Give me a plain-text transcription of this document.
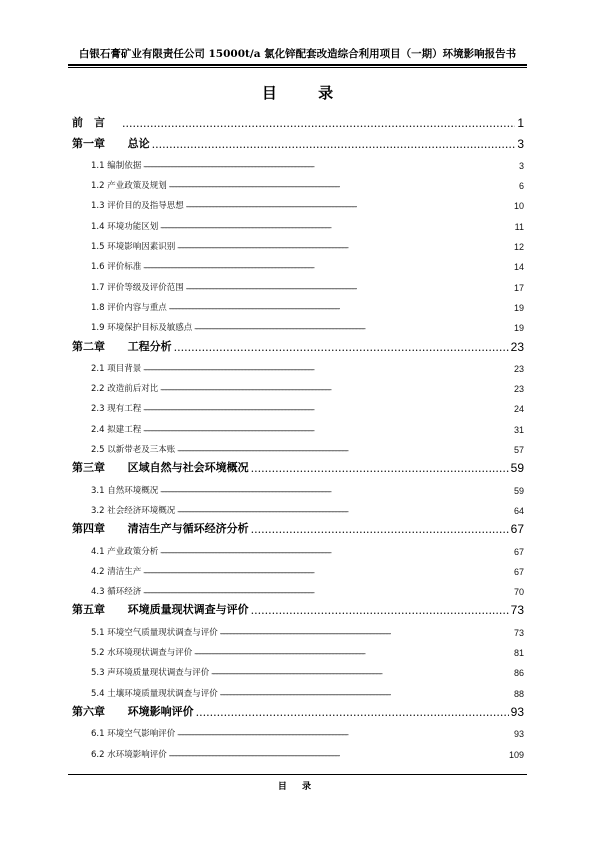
白银石膏矿业有限责任公司 15000t/a 氯化锌配套改造综合利用项目（一期）环境影响报告书
目 录
前　言 .....	1
第一章 总论 .....	3
1.1 编制依据 - - -	3
1.2 产业政策及规划 - - -	6
1.3 评价目的及指导思想 - - -	10
1.4 环境功能区划 - - -	11
1.5 环境影响因素识别 - - -	12
1.6 评价标准 - - -	14
1.7 评价等级及评价范围 - - -	17
1.8 评价内容与重点 - - -	19
1.9 环境保护目标及敏感点 - - -	19
第二章 工程分析 .....	23
2.1 项目背景 - - -	23
2.2 改造前后对比 - - -	23
2.3 现有工程 - - -	24
2.4 拟建工程 - - -	31
2.5 以新带老及三本账 - - -	57
第三章 区域自然与社会环境概况 .....	59
3.1 自然环境概况 - - -	59
3.2 社会经济环境概况 - - -	64
第四章 清洁生产与循环经济分析 .....	67
4.1 产业政策分析 - - -	67
4.2 清洁生产 - - -	67
4.3 循环经济 - - -	70
第五章 环境质量现状调查与评价 .....	73
5.1 环境空气质量现状调查与评价 - - -	73
5.2 水环境现状调查与评价 - - -	81
5.3 声环境质量现状调查与评价 - - -	86
5.4 土壤环境质量现状调查与评价 - - -	88
第六章 环境影响评价 .....	93
6.1 环境空气影响评价 - - -	93
6.2 水环境影响评价 - - -	109
目 录
